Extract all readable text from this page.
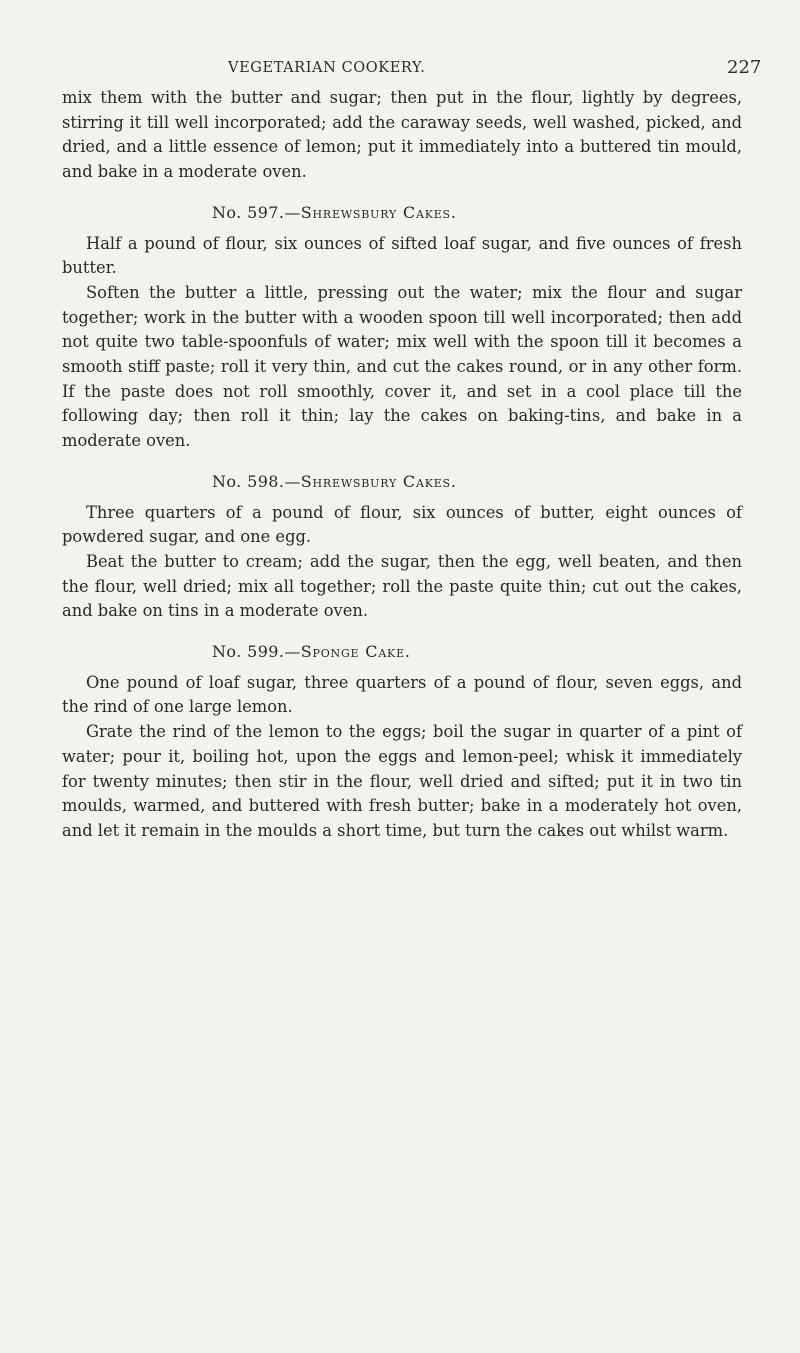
VEGETARIAN COOKERY.	227

mix them with the butter and sugar; then put in the flour, lightly by degrees, stirring it till well incorporated; add the caraway seeds, well washed, picked, and dried, and a little essence of lemon; put it immediately into a buttered tin mould, and bake in a moderate oven.

No. 597.—Shrewsbury Cakes.

Half a pound of flour, six ounces of sifted loaf sugar, and five ounces of fresh butter.

Soften the butter a little, pressing out the water; mix the flour and sugar together; work in the butter with a wooden spoon till well incorporated; then add not quite two table-spoonfuls of water; mix well with the spoon till it becomes a smooth stiff paste; roll it very thin, and cut the cakes round, or in any other form. If the paste does not roll smoothly, cover it, and set in a cool place till the following day; then roll it thin; lay the cakes on baking-tins, and bake in a moderate oven.

No. 598.—Shrewsbury Cakes.

Three quarters of a pound of flour, six ounces of butter, eight ounces of powdered sugar, and one egg.

Beat the butter to cream; add the sugar, then the egg, well beaten, and then the flour, well dried; mix all together; roll the paste quite thin; cut out the cakes, and bake on tins in a moderate oven.

No. 599.—Sponge Cake.

One pound of loaf sugar, three quarters of a pound of flour, seven eggs, and the rind of one large lemon.

Grate the rind of the lemon to the eggs; boil the sugar in quarter of a pint of water; pour it, boiling hot, upon the eggs and lemon-peel; whisk it immediately for twenty minutes; then stir in the flour, well dried and sifted; put it in two tin moulds, warmed, and buttered with fresh butter; bake in a moderately hot oven, and let it remain in the moulds a short time, but turn the cakes out whilst warm.
